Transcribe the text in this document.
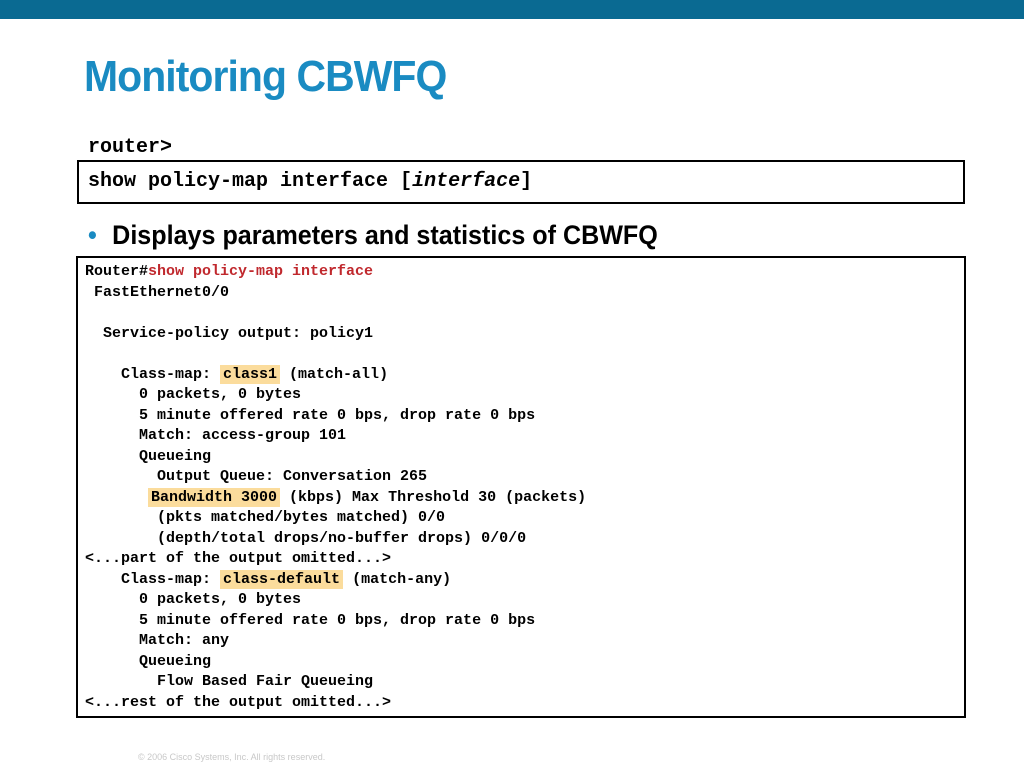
Monitoring CBWFQ
router>
show policy-map interface [interface]
• Displays parameters and statistics of CBWFQ
Router#show policy-map interface
FastEthernet0/0
Service-policy output: policy1
Class-map: class1 (match-all)
0 packets, 0 bytes
5 minute offered rate 0 bps, drop rate 0 bps
Match: access-group 101
Queueing
Output Queue: Conversation 265
Bandwidth 3000 (kbps) Max Threshold 30 (packets)
(pkts matched/bytes matched) 0/0
(depth/total drops/no-buffer drops) 0/0/0
<...part of the output omitted...>
Class-map: class-default (match-any)
0 packets, 0 bytes
5 minute offered rate 0 bps, drop rate 0 bps
Match: any
Queueing
Flow Based Fair Queueing
<...rest of the output omitted...>
© 2006 Cisco Systems, Inc. All rights reserved.
